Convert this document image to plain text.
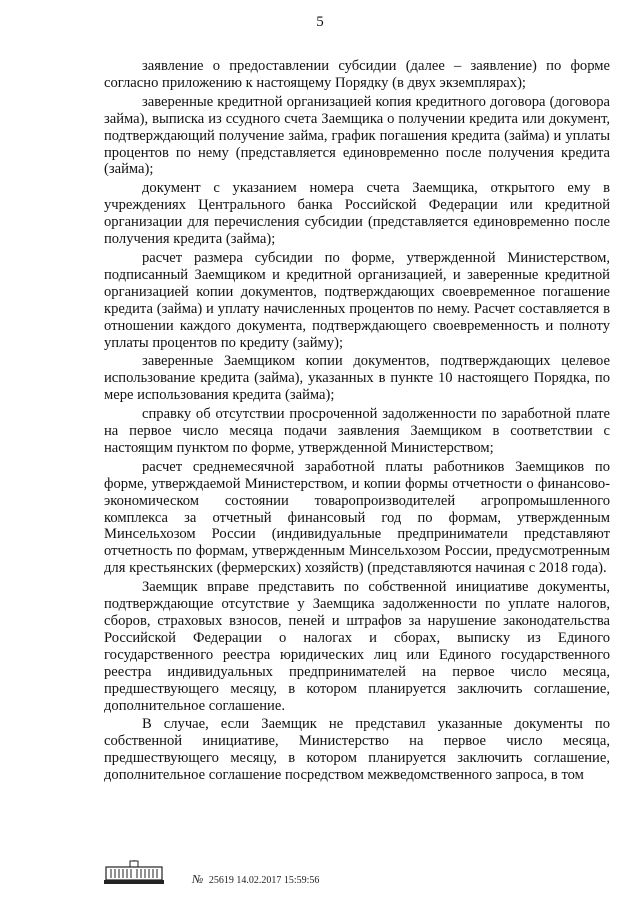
5

заявление о предоставлении субсидии (далее – заявление) по форме согласно приложению к настоящему Порядку (в двух экземплярах);

заверенные кредитной организацией копия кредитного договора (договора займа), выписка из ссудного счета Заемщика о получении кредита или документ, подтверждающий получение займа, график погашения кредита (займа) и уплаты процентов по нему (представляется единовременно после получения кредита (займа);

документ с указанием номера счета Заемщика, открытого ему в учреждениях Центрального банка Российской Федерации или кредитной организации для перечисления субсидии (представляется единовременно после получения кредита (займа);

расчет размера субсидии по форме, утвержденной Министерством, подписанный Заемщиком и кредитной организацией, и заверенные кредитной организацией копии документов, подтверждающих своевременное погашение кредита (займа) и уплату начисленных процентов по нему. Расчет составляется в отношении каждого документа, подтверждающего своевременность и полноту уплаты процентов по кредиту (займу);

заверенные Заемщиком копии документов, подтверждающих целевое использование кредита (займа), указанных в пункте 10 настоящего Порядка, по мере использования кредита (займа);

справку об отсутствии просроченной задолженности по заработной плате на первое число месяца подачи заявления Заемщиком в соответствии с настоящим пунктом по форме, утвержденной Министерством;

расчет среднемесячной заработной платы работников Заемщиков по форме, утверждаемой Министерством, и копии формы отчетности о финансово-экономическом состоянии товаропроизводителей агропромышленного комплекса за отчетный финансовый год по формам, утвержденным Минсельхозом России (индивидуальные предприниматели представляют отчетность по формам, утвержденным Минсельхозом России, предусмотренным для крестьянских (фермерских) хозяйств) (представляются начиная с 2018 года).

Заемщик вправе представить по собственной инициативе документы, подтверждающие отсутствие у Заемщика задолженности по уплате налогов, сборов, страховых взносов, пеней и штрафов за нарушение законодательства Российской Федерации о налогах и сборах, выписку из Единого государственного реестра юридических лиц или Единого государственного реестра индивидуальных предпринимателей на первое число месяца, предшествующего месяцу, в котором планируется заключить соглашение, дополнительное соглашение.

В случае, если Заемщик не представил указанные документы по собственной инициативе, Министерство на первое число месяца, предшествующего месяцу, в котором планируется заключить соглашение, дополнительное соглашение посредством межведомственного запроса, в том

№ 25619 14.02.2017 15:59:56
